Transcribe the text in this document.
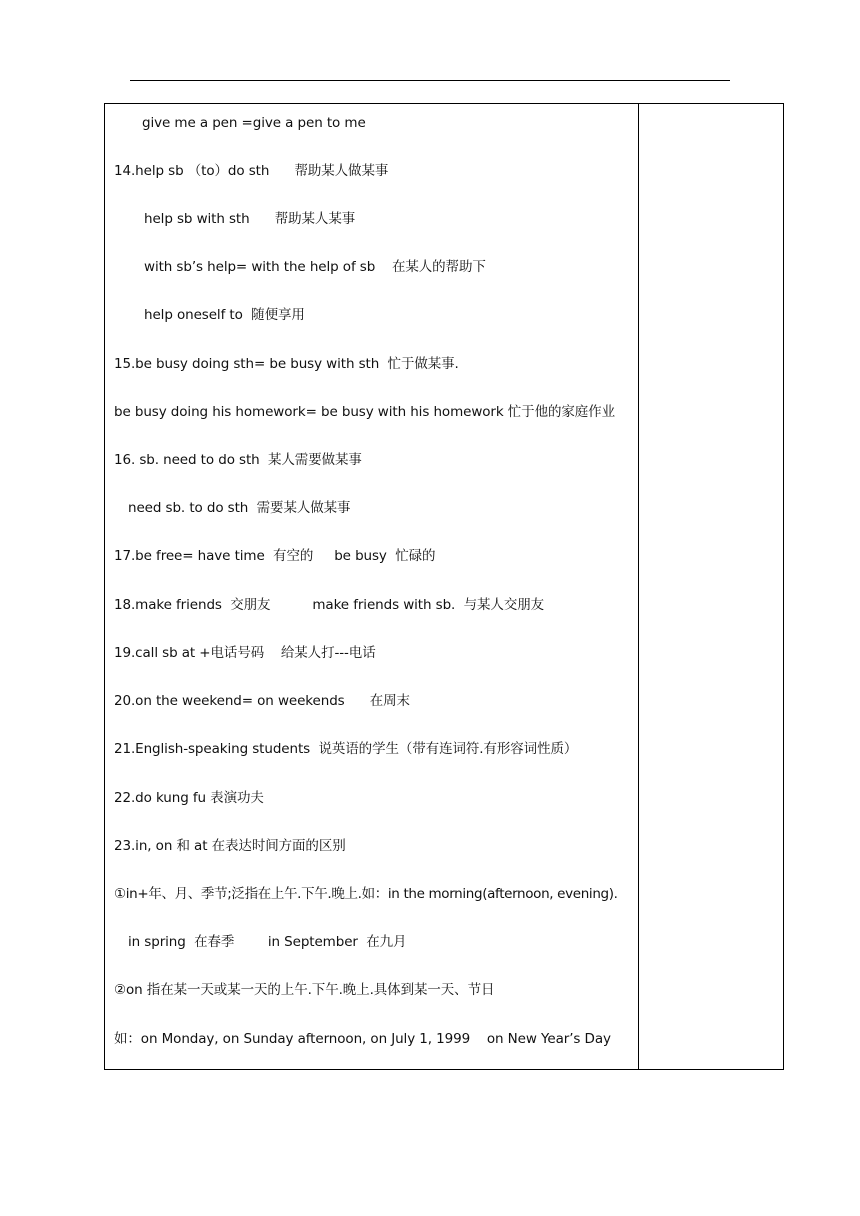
give me a pen =give a pen to me
14.help sb （to）do sth      帮助某人做某事
help sb with sth      帮助某人某事
with sb’s help= with the help of sb    在某人的帮助下
help oneself to  随便享用
15.be busy doing sth= be busy with sth  忙于做某事.
be busy doing his homework= be busy with his homework 忙于他的家庭作业
16. sb. need to do sth  某人需要做某事
need sb. to do sth  需要某人做某事
17.be free= have time  有空的     be busy  忙碌的
18.make friends  交朋友          make friends with sb.  与某人交朋友
19.call sb at +电话号码    给某人打---电话
20.on the weekend= on weekends      在周末
21.English-speaking students  说英语的学生（带有连词符.有形容词性质）
22.do kung fu 表演功夫
23.in, on 和 at 在表达时间方面的区别
①in+年、月、季节;泛指在上午.下午.晚上.如：in the morning(afternoon, evening).
in spring  在春季        in September  在九月
②on 指在某一天或某一天的上午.下午.晚上.具体到某一天、节日
如：on Monday, on Sunday afternoon, on July 1, 1999    on New Year’s Day
